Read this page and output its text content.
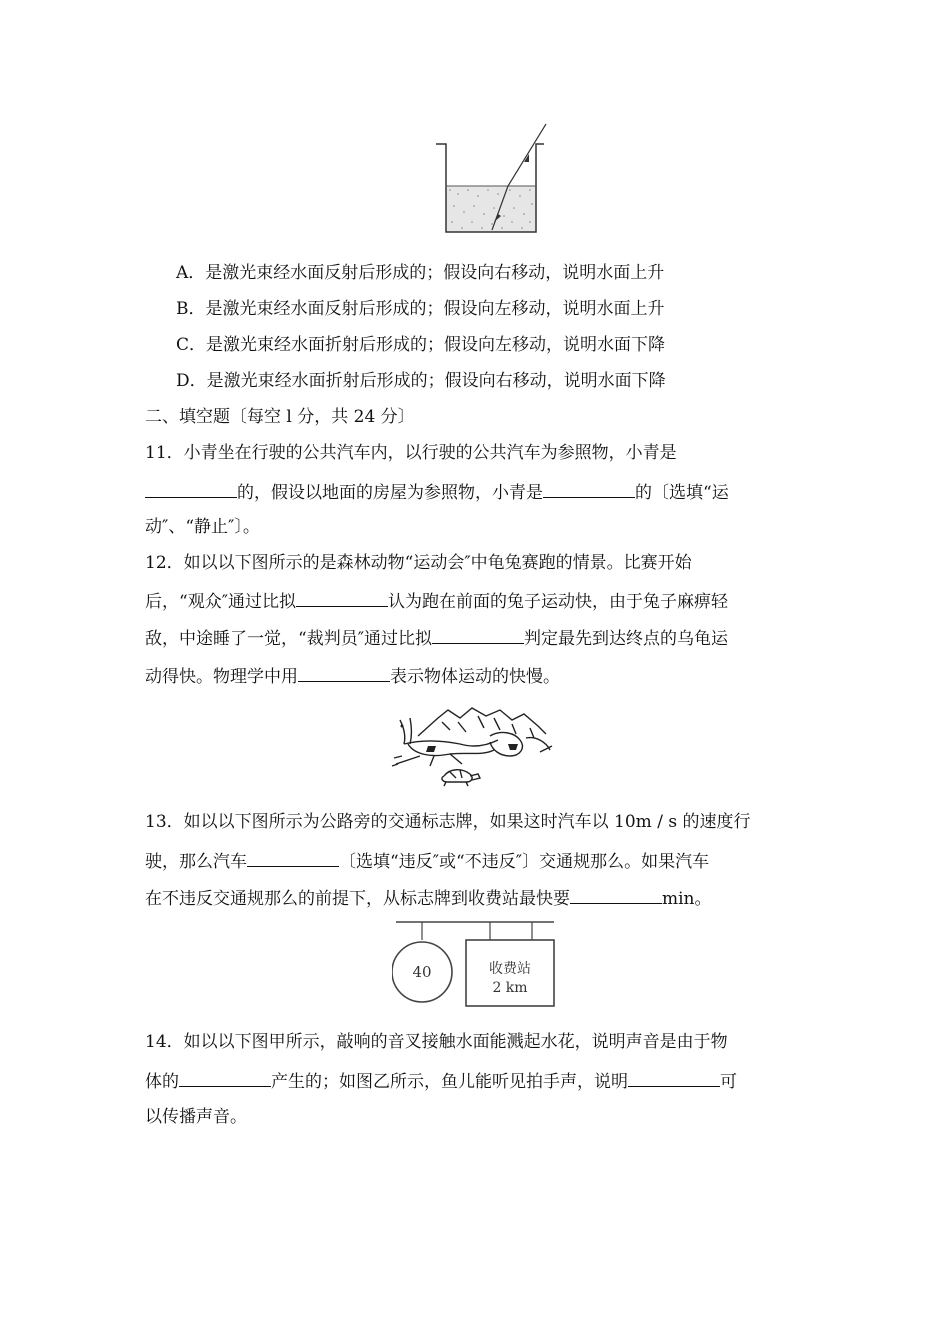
A．是激光束经水面反射后形成的；假设向右移动，说明水面上升
B．是激光束经水面反射后形成的；假设向左移动，说明水面上升
C．是激光束经水面折射后形成的；假设向左移动，说明水面下降
D．是激光束经水面折射后形成的；假设向右移动，说明水面下降
二、填空题〔每空 l 分，共 24 分〕
11．小青坐在行驶的公共汽车内，以行驶的公共汽车为参照物，小青是
的，假设以地面的房屋为参照物，小青是	的〔选填“运
动″、“静止″〕。
12．如以以下图所示的是森林动物“运动会″中龟兔赛跑的情景。比赛开始
后，“观众″通过比拟	认为跑在前面的兔子运动快，由于兔子麻痹轻
敌，中途睡了一觉，“裁判员″通过比拟	判定最先到达终点的乌龟运
动得快。物理学中用	表示物体运动的快慢。
13．如以以下图所示为公路旁的交通标志牌，如果这时汽车以 10m / s 的速度行
驶，那么汽车	〔选填“违反″或“不违反″〕交通规那么。如果汽车
在不违反交通规那么的前提下，从标志牌到收费站最快要	min。
40	收费站
2 km
14．如以以下图甲所示，敲响的音叉接触水面能溅起水花，说明声音是由于物
体的	产生的；如图乙所示，鱼儿能听见拍手声，说明	可
以传播声音。
